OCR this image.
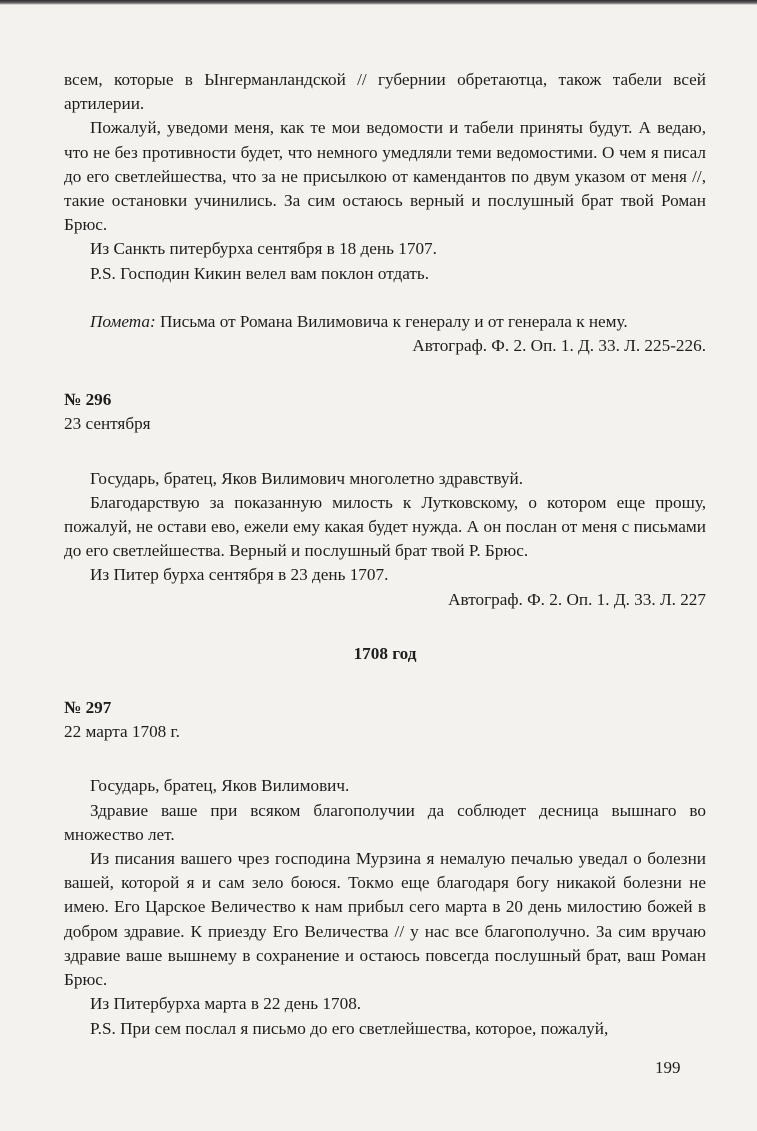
всем, которые в Ынгерманландской // губернии обретаютца, також табели всей артилерии.

Пожалуй, уведоми меня, как те мои ведомости и табели приняты будут. А ведаю, что не без противности будет, что немного умедляли теми ведомостими. О чем я писал до его светлейшества, что за не присылкою от камендантов по двум указом от меня //, такие остановки учинились. За сим остаюсь верный и послушный брат твой Роман Брюс.

Из Санкть питербурха сентября в 18 день 1707.

P.S. Господин Кикин велел вам поклон отдать.

Помета: Письма от Романа Вилимовича к генералу и от генерала к нему.

Автограф. Ф. 2. Оп. 1. Д. 33. Л. 225-226.

№ 296

23 сентября

Государь, братец, Яков Вилимович многолетно здравствуй.

Благодарствую за показанную милость к Лутковскому, о котором еще прошу, пожалуй, не остави ево, ежели ему какая будет нужда. А он послан от меня с письмами до его светлейшества. Верный и послушный брат твой Р. Брюс.

Из Питер бурха сентября в 23 день 1707.

Автограф. Ф. 2. Оп. 1. Д. 33. Л. 227

1708 год

№ 297

22 марта 1708 г.

Государь, братец, Яков Вилимович.

Здравие ваше при всяком благополучии да соблюдет десница вышнаго во множество лет.

Из писания вашего чрез господина Мурзина я немалую печалью уведал о болезни вашей, которой я и сам зело боюся. Токмо еще благодаря богу никакой болезни не имею. Его Царское Величество к нам прибыл сего марта в 20 день милостию божей в добром здравие. К приезду Его Величества // у нас все благополучно. За сим вручаю здравие ваше вышнему в сохранение и остаюсь повсегда послушный брат, ваш Роман Брюс.

Из Питербурха марта в 22 день 1708.

P.S. При сем послал я письмо до его светлейшества, которое, пожалуй,

199
